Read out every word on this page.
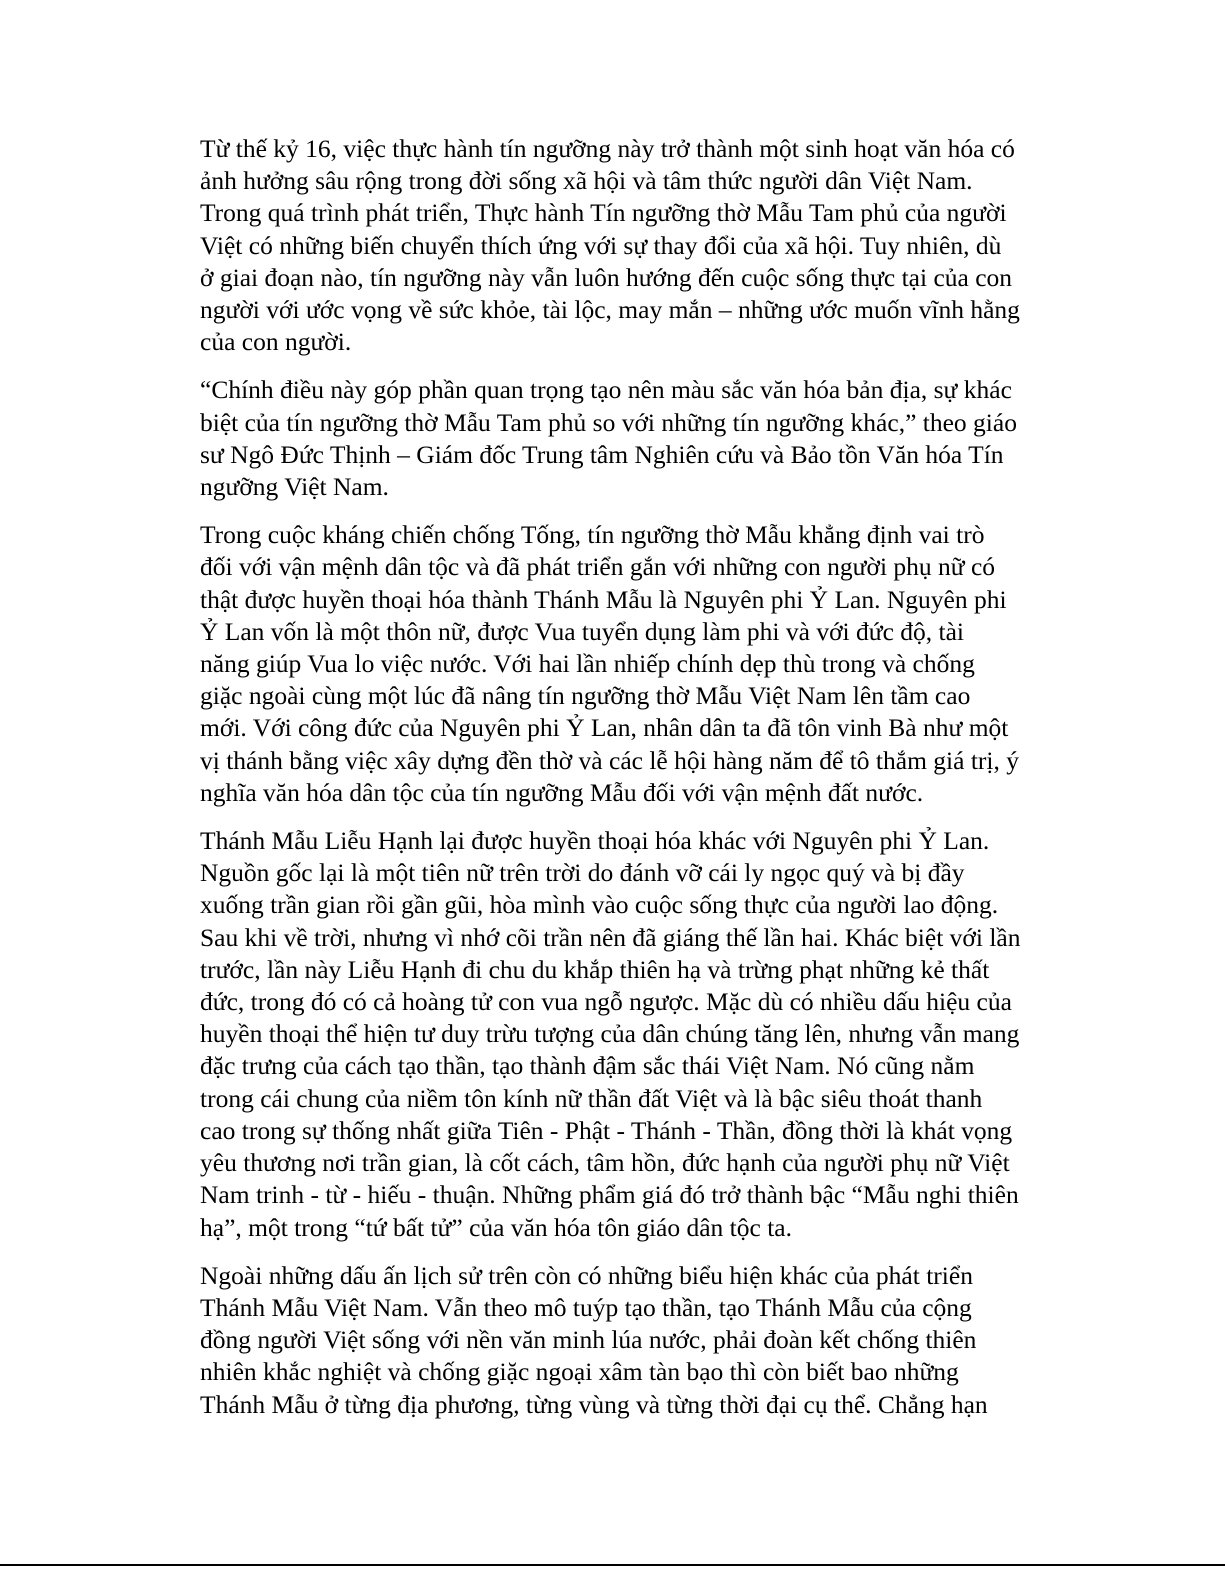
Từ thế kỷ 16, việc thực hành tín ngưỡng này trở thành một sinh hoạt văn hóa có
ảnh hưởng sâu rộng trong đời sống xã hội và tâm thức người dân Việt Nam.
Trong quá trình phát triển, Thực hành Tín ngưỡng thờ Mẫu Tam phủ của người
Việt có những biến chuyển thích ứng với sự thay đổi của xã hội. Tuy nhiên, dù
ở giai đoạn nào, tín ngưỡng này vẫn luôn hướng đến cuộc sống thực tại của con
người với ước vọng về sức khỏe, tài lộc, may mắn – những ước muốn vĩnh hằng
của con người.

“Chính điều này góp phần quan trọng tạo nên màu sắc văn hóa bản địa, sự khác
biệt của tín ngưỡng thờ Mẫu Tam phủ so với những tín ngưỡng khác,” theo giáo
sư Ngô Đức Thịnh – Giám đốc Trung tâm Nghiên cứu và Bảo tồn Văn hóa Tín
ngưỡng Việt Nam.

Trong cuộc kháng chiến chống Tống, tín ngưỡng thờ Mẫu khẳng định vai trò
đối với vận mệnh dân tộc và đã phát triển gắn với những con người phụ nữ có
thật được huyền thoại hóa thành Thánh Mẫu là Nguyên phi Ỷ Lan. Nguyên phi
Ỷ Lan vốn là một thôn nữ, được Vua tuyển dụng làm phi và với đức độ, tài
năng giúp Vua lo việc nước. Với hai lần nhiếp chính dẹp thù trong và chống
giặc ngoài cùng một lúc đã nâng tín ngưỡng thờ Mẫu Việt Nam lên tầm cao
mới. Với công đức của Nguyên phi Ỷ Lan, nhân dân ta đã tôn vinh Bà như một
vị thánh bằng việc xây dựng đền thờ và các lễ hội hàng năm để tô thắm giá trị, ý
nghĩa văn hóa dân tộc của tín ngưỡng Mẫu đối với vận mệnh đất nước.

Thánh Mẫu Liễu Hạnh lại được huyền thoại hóa khác với Nguyên phi Ỷ Lan.
Nguồn gốc lại là một tiên nữ trên trời do đánh vỡ cái ly ngọc quý và bị đầy
xuống trần gian rồi gần gũi, hòa mình vào cuộc sống thực của người lao động.
Sau khi về trời, nhưng vì nhớ cõi trần nên đã giáng thế lần hai. Khác biệt với lần
trước, lần này Liễu Hạnh đi chu du khắp thiên hạ và trừng phạt những kẻ thất
đức, trong đó có cả hoàng tử con vua ngỗ ngược. Mặc dù có nhiều dấu hiệu của
huyền thoại thể hiện tư duy trừu tượng của dân chúng tăng lên, nhưng vẫn mang
đặc trưng của cách tạo thần, tạo thành đậm sắc thái Việt Nam. Nó cũng nằm
trong cái chung của niềm tôn kính nữ thần đất Việt và là bậc siêu thoát thanh
cao trong sự thống nhất giữa Tiên - Phật - Thánh - Thần, đồng thời là khát vọng
yêu thương nơi trần gian, là cốt cách, tâm hồn, đức hạnh của người phụ nữ Việt
Nam trinh - từ - hiếu - thuận. Những phẩm giá đó trở thành bậc “Mẫu nghi thiên
hạ”, một trong “tứ bất tử” của văn hóa tôn giáo dân tộc ta.

Ngoài những dấu ấn lịch sử trên còn có những biểu hiện khác của phát triển
Thánh Mẫu Việt Nam. Vẫn theo mô tuýp tạo thần, tạo Thánh Mẫu của cộng
đồng người Việt sống với nền văn minh lúa nước, phải đoàn kết chống thiên
nhiên khắc nghiệt và chống giặc ngoại xâm tàn bạo thì còn biết bao những
Thánh Mẫu ở từng địa phương, từng vùng và từng thời đại cụ thể. Chẳng hạn
